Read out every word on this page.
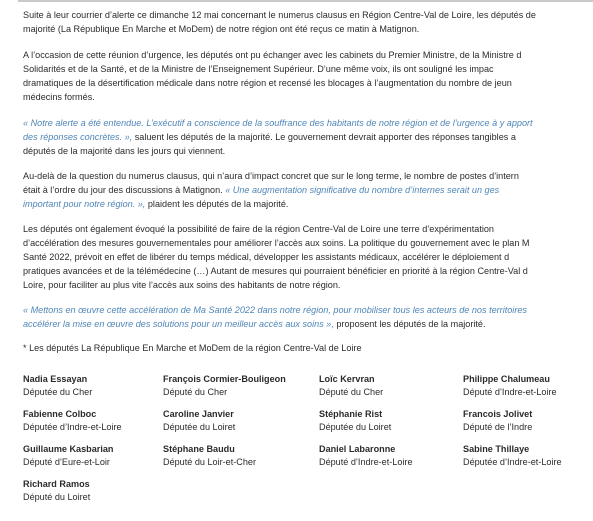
Suite à leur courrier d’alerte ce dimanche 12 mai concernant le numerus clausus en Région Centre-Val de Loire, les députés de
majorité (La République En Marche et MoDem) de notre région ont été reçus ce matin à Matignon.
A l’occasion de cette réunion d’urgence, les députés ont pu échanger avec les cabinets du Premier Ministre, de la Ministre d
Solidarités et de la Santé, et de la Ministre de l’Enseignement Supérieur. D’une même voix, ils ont souligné les impac
dramatiques de la désertification médicale dans notre région et recensé les blocages à l’augmentation du nombre de jeun
médecins formés.
« Notre alerte a été entendue. L’exécutif a conscience de la souffrance des habitants de notre région et de l’urgence à y apport
des réponses concrètes. », saluent les députés de la majorité. Le gouvernement devrait apporter des réponses tangibles a
députés de la majorité dans les jours qui viennent.
Au-delà de la question du numerus clausus, qui n’aura d’impact concret que sur le long terme, le nombre de postes d’intern
était à l’ordre du jour des discussions à Matignon. « Une augmentation significative du nombre d’internes serait un ges
important pour notre région. », plaident les députés de la majorité.
Les députés ont également évoqué la possibilité de faire de la région Centre-Val de Loire une terre d’expérimentation
d’accélération des mesures gouvernementales pour améliorer l’accès aux soins. La politique du gouvernement avec le plan M
Santé 2022, prévoit en effet de libérer du temps médical, développer les assistants médicaux, accélérer le déploiement d
pratiques avancées et de la télémédecine (…) Autant de mesures qui pourraient bénéficier en priorité à la région Centre-Val d
Loire, pour faciliter au plus vite l’accès aux soins des habitants de notre région.
« Mettons en œuvre cette accélération de Ma Santé 2022 dans notre région, pour mobiliser tous les acteurs de nos territoires
accélérer la mise en œuvre des solutions pour un meilleur accès aux soins », proposent les députés de la majorité.
* Les députés La République En Marche et MoDem de la région Centre-Val de Loire
Nadia Essayan
Députée du Cher
François Cormier-Bouligeon
Député du Cher
Loïc Kervran
Député du Cher
Philippe Chalumeau
Député d’Indre-et-Loire
Fabienne Colboc
Députée d’Indre-et-Loire
Caroline Janvier
Députée du Loiret
Stéphanie Rist
Députée du Loiret
Francois Jolivet
Député de l’Indre
Guillaume Kasbarian
Député d’Eure-et-Loir
Stéphane Baudu
Député du Loir-et-Cher
Daniel Labaronne
Député d’Indre-et-Loire
Sabine Thillaye
Députée d’Indre-et-Loire
Richard Ramos
Député du Loiret
